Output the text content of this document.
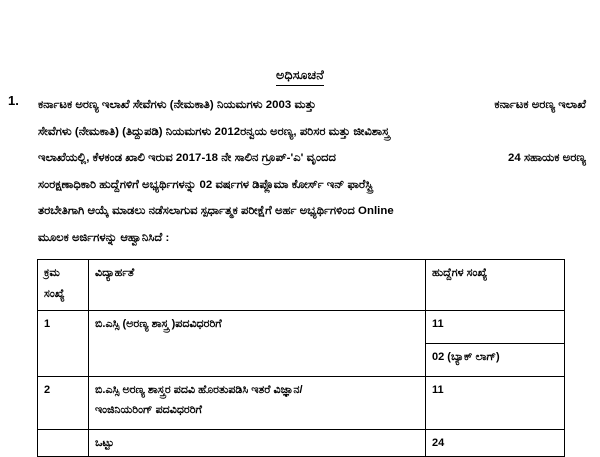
ಅಧಿಸೂಚನೆ
1. ಕರ್ನಾಟಕ ಅರಣ್ಯ ಇಲಾಖೆ ಸೇವೆಗಳು (ನೇಮಕಾತಿ) ನಿಯಮಗಳು 2003 ಮತ್ತು	ಕರ್ನಾಟಕ ಅರಣ್ಯ ಇಲಾಖೆ
ಸೇವೆಗಳು (ನೇಮಕಾತಿ) (ತಿದ್ದುಪಡಿ) ನಿಯಮಗಳು 2012ರನ್ವಯ ಅರಣ್ಯ, ಪರಿಸರ ಮತ್ತು ಜೀವಿಶಾಸ್ತ್ರ
ಇಲಾಖೆಯಲ್ಲಿ, ಕೆಳಕಂಡ ಖಾಲಿ ಇರುವ 2017-18 ನೇ ಸಾಲಿನ ಗ್ರೂಪ್-'ಎ' ವೃಂದದ	24 ಸಹಾಯಕ ಅರಣ್ಯ
ಸಂರಕ್ಷಣಾಧಿಕಾರಿ ಹುದ್ದೆಗಳಿಗೆ ಅಭ್ಯರ್ಥಿಗಳನ್ನು 02 ವರ್ಷಗಳ ಡಿಪ್ಲೊಮಾ ಕೋರ್ಸ್ ಇನ್ ಫಾರೆಸ್ಟ್ರಿ
ತರಬೇತಿಗಾಗಿ ಆಯ್ಕೆ ಮಾಡಲು ನಡೆಸಲಾಗುವ ಸ್ಪರ್ಧಾತ್ಮಕ ಪರೀಕ್ಷೆಗೆ ಅರ್ಹ ಅಭ್ಯರ್ಥಿಗಳಿಂದ Online
ಮೂಲಕ ಅರ್ಜಿಗಳನ್ನು ಆಹ್ವಾನಿಸಿದೆ :
ಕ್ರಮ
ಸಂಖ್ಯೆ	ವಿದ್ಯಾರ್ಹತೆ	ಹುದ್ದೆಗಳ ಸಂಖ್ಯೆ
1	ಬಿ.ಎಸ್ಸಿ (ಅರಣ್ಯ ಶಾಸ್ತ್ರ )ಪದವಿಧರರಿಗೆ	11
		02 (ಬ್ಯಾಕ್ ಲಾಗ್)
2	ಬಿ.ಎಸ್ಸಿ ಅರಣ್ಯ ಶಾಸ್ತ್ರರ ಪದವಿ ಹೊರತುಪಡಿಸಿ ಇತರೆ ವಿಜ್ಞಾನ/
ಇಂಜಿನಿಯರಿಂಗ್ ಪದವಿಧರರಿಗೆ	11
	ಒಟ್ಟು	24
